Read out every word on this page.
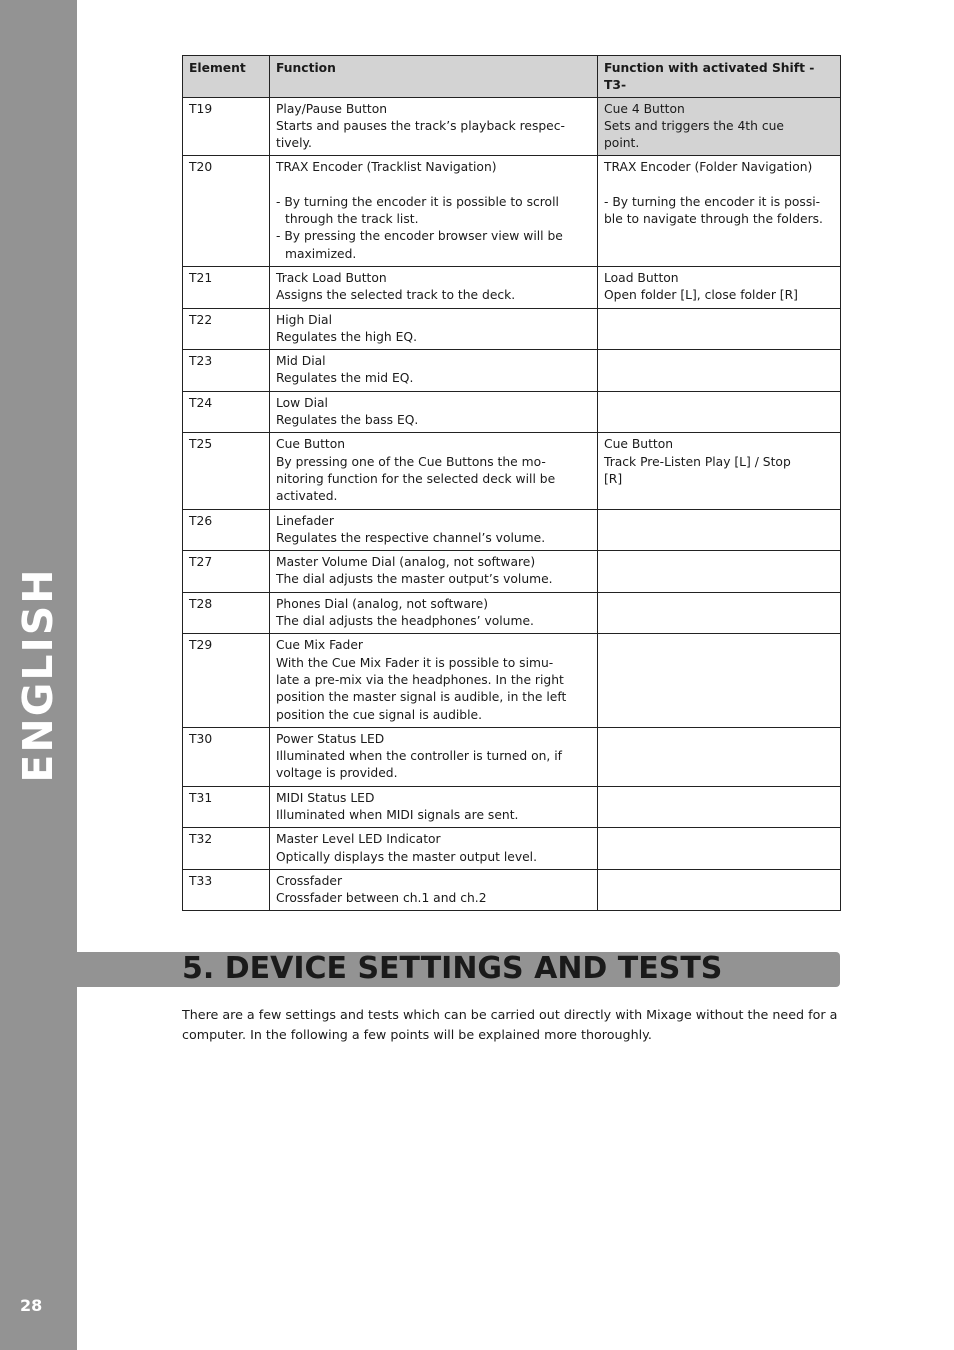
ENGLISH
28
Element	Function	Function with activated Shift -T3-
T19	Play/Pause Button
Starts and pauses the track’s playback respec-
tively.	Cue 4 Button
Sets and triggers the 4th cue
point.

T20	TRAX Encoder (Tracklist Navigation)
- By turning the encoder it is possible to scroll through the track list.
- By pressing the encoder browser view will be maximized.	TRAX Encoder (Folder Navigation)
- By turning the encoder it is possi-
ble to navigate through the folders.

T21	Track Load Button
Assigns the selected track to the deck.	Load Button
Open folder [L], close folder [R]

T22	High Dial
Regulates the high EQ.	

T23	Mid Dial
Regulates the mid EQ.	

T24	Low Dial
Regulates the bass EQ.	

T25	Cue Button
By pressing one of the Cue Buttons the mo-
nitoring function for the selected deck will be
activated.	Cue Button
Track Pre-Listen Play [L] / Stop
[R]

T26	Linefader
Regulates the respective channel’s volume.	

T27	Master Volume Dial (analog, not software)
The dial adjusts the master output’s volume.	

T28	Phones Dial (analog, not software)
The dial adjusts the headphones’ volume.	

T29	Cue Mix Fader
With the Cue Mix Fader it is possible to simu-
late a pre-mix via the headphones. In the right
position the master signal is audible, in the left
position the cue signal is audible.	

T30	Power Status LED
Illuminated when the controller is turned on, if
voltage is provided.	

T31	MIDI Status LED
Illuminated when MIDI signals are sent.	

T32	Master Level LED Indicator
Optically displays the master output level.	

T33	Crossfader
Crossfader between ch.1 and ch.2	

5. DEVICE SETTINGS AND TESTS

There are a few settings and tests which can be carried out directly with Mixage without the need for a computer. In the following a few points will be explained more thoroughly.
